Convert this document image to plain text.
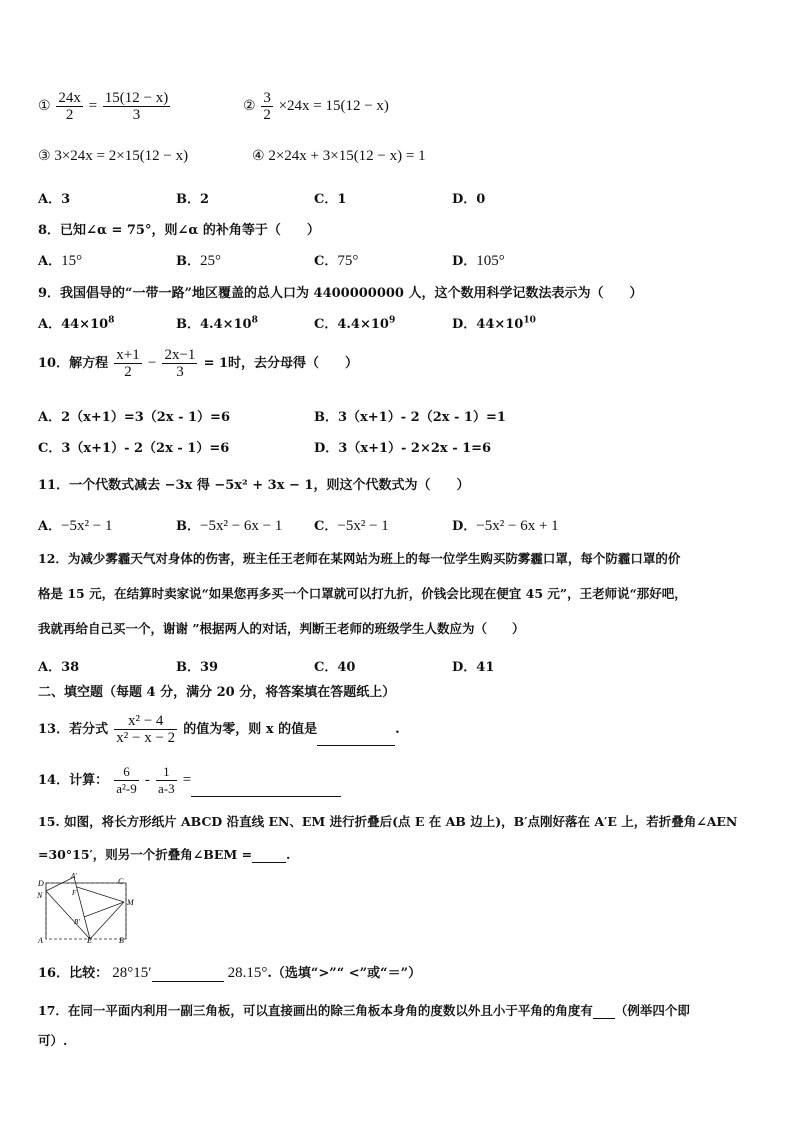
① $\frac{24x}{2} = \frac{15(12 - x)}{3}$	② $\frac{3}{2} \times 24x = 15(12 - x)$
③ 3×24x = 2×15(12 − x)	④ 2×24x + 3×15(12 − x) = 1
A．3	B．2	C．1	D．0
8．已知∠α = 75°，则∠α 的补角等于（　　）
A．15°	B．25°	C．75°	D．105°
9．我国倡导的“一带一路”地区覆盖的总人口为 4400000000 人，这个数用科学记数法表示为（　　）
A．$44\times 10^8$	B．$4.4\times 10^8$	C．$4.4\times 10^9$	D．$44\times 10^{10}$
10．解方程 $\frac{x+1}{2} - \frac{2x-1}{3} = 1$时，去分母得（　　）
A．2（x+1）=3（2x - 1）=6	B．3（x+1）- 2（2x - 1）=1
C．3（x+1）- 2（2x - 1）=6	D．3（x+1）- 2×2x - 1=6
11．一个代数式减去 −3x 得 −5x² + 3x − 1，则这个代数式为（　　）
A．−5x² − 1	B．−5x² − 6x − 1 C．−5x² − 1	D．−5x² − 6x + 1
12．为减少雾霾天气对身体的伤害，班主任王老师在某网站为班上的每一位学生购买防雾霾口罩，每个防霾口罩的价
格是 15 元，在结算时卖家说“如果您再多买一个口罩就可以打九折，价钱会比现在便宜 45 元”，王老师说“那好吧，
我就再给自己买一个，谢谢 ”根据两人的对话，判断王老师的班级学生人数应为（　　）
A．38	B．39	C．40	D．41
二、填空题（每题 4 分，满分 20 分，将答案填在答题纸上）
13．若分式 $\frac{\text{x² − 4}}{\text{x² − x − 2}}$ 的值为零，则 x 的值是	.
14．计算： $\frac{6}{\text{a²-9}} - \frac{1}{a-3}$ =
15. 如图，将长方形纸片 ABCD 沿直线 EN、EM 进行折叠后(点 E 在 AB 边上)，B′点刚好落在 A′E 上，若折叠角∠AEN
=30°15′，则另一个折叠角∠BEM =	.
D
A′
C
N	F
M
B′
A	E	B
16．比较： 28°15′	28.15°.（选填“>”“ <”或“＝”）
17．在同一平面内利用一副三角板，可以直接画出的除三角板本身角的度数以外且小于平角的角度有 （例举四个即
可）.
